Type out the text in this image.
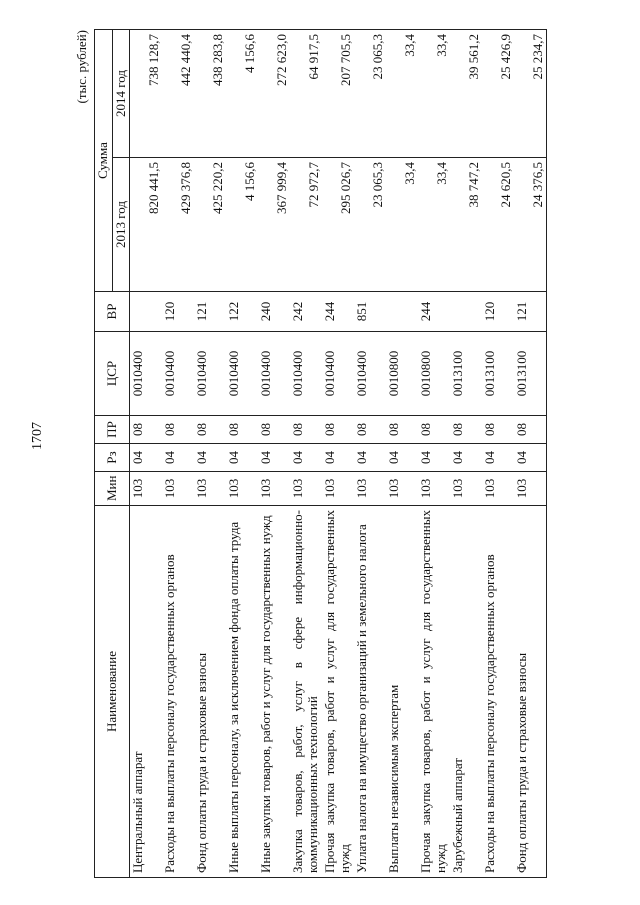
1707
(тыс. рублей)
Наименование	Мин	Рз	ПР	ЦСР	ВР	Сумма	
						2013 год	2014 год
Центральный аппарат	103	04	08	0010400		820 441,5	738 128,7
Расходы на выплаты персоналу государственных органов	103	04	08	0010400	120	429 376,8	442 440,4
Фонд оплаты труда и страховые взносы	103	04	08	0010400	121	425 220,2	438 283,8
Иные выплаты персоналу, за исключением фонда оплаты труда	103	04	08	0010400	122	4 156,6	4 156,6
Иные закупки товаров, работ и услуг для государственных нужд	103	04	08	0010400	240	367 999,4	272 623,0
Закупка товаров, работ, услуг в сфере информационно-коммуникационных технологий	103	04	08	0010400	242	72 972,7	64 917,5
Прочая закупка товаров, работ и услуг для государственных нужд	103	04	08	0010400	244	295 026,7	207 705,5
Уплата налога на имущество организаций и земельного налога	103	04	08	0010400	851	23 065,3	23 065,3
Выплаты независимым экспертам	103	04	08	0010800		33,4	33,4
Прочая закупка товаров, работ и услуг для государственных нужд	103	04	08	0010800	244	33,4	33,4
Зарубежный аппарат	103	04	08	0013100		38 747,2	39 561,2
Расходы на выплаты персоналу государственных органов	103	04	08	0013100	120	24 620,5	25 426,9
Фонд оплаты труда и страховые взносы	103	04	08	0013100	121	24 376,5	25 234,7
